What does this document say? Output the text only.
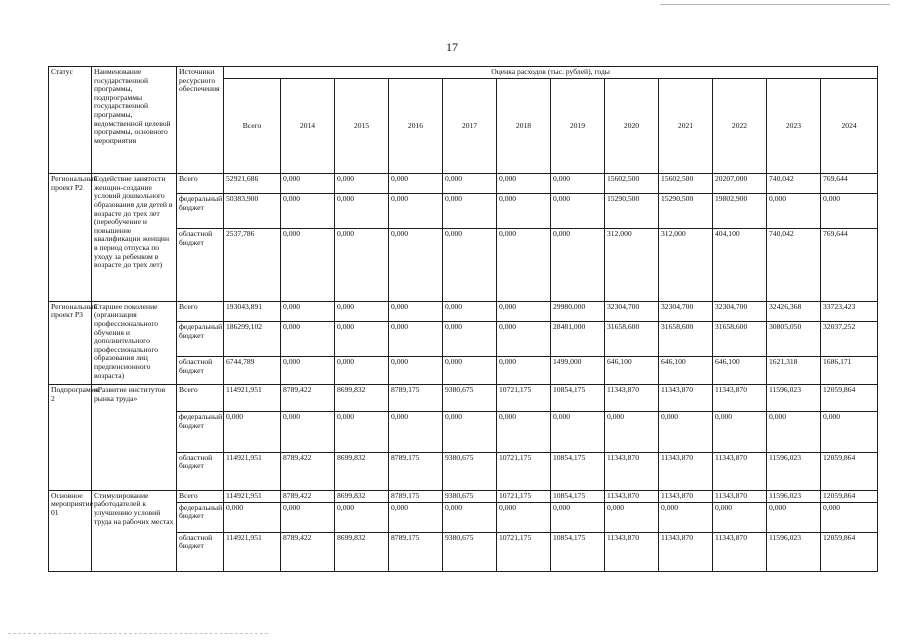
17
Статус	Наименование государственной программы, подпрограммы государственной программы, ведомственной целевой программы, основного мероприятия	Источники ресурсного обеспечения	Оценка расходов (тыс. рублей), годы											
			Всего	2014	2015	2016	2017	2018	2019	2020	2021	2022	2023	2024
Региональный проект Р2	Содействие занятости женщин-создание условий дошкольного образования для детей в возрасте до трех лет (переобучение и повышение квалификации женщин в период отпуска по уходу за ребенком в возрасте до трех лет)	Всего	52921,686	0,000	0,000	0,000	0,000	0,000	0,000	15602,500	15602,500	20207,000	740,042	769,644
		федеральный бюджет	50383,900	0,000	0,000	0,000	0,000	0,000	0,000	15290,500	15290,500	19802,900	0,000	0,000
		областной бюджет	2537,786	0,000	0,000	0,000	0,000	0,000	0,000	312,000	312,000	404,100	740,042	769,644
Региональный проект Р3	Старшее поколение (организация профессионального обучения и дополнительного профессионального образования лиц предпенсионного возраста)	Всего	193043,891	0,000	0,000	0,000	0,000	0,000	29980,000	32304,700	32304,700	32304,700	32426,368	33723,423
		федеральный бюджет	186299,102	0,000	0,000	0,000	0,000	0,000	28481,000	31658,600	31658,600	31658,600	30805,050	32037,252
		областной бюджет	6744,789	0,000	0,000	0,000	0,000	0,000	1499,000	646,100	646,100	646,100	1621,318	1686,171
Подпрограмма 2	«Развитие институтов рынка труда»	Всего	114921,951	8789,422	8699,832	8789,175	9380,675	10721,175	10854,175	11343,870	11343,870	11343,870	11596,023	12059,864
		федеральный бюджет	0,000	0,000	0,000	0,000	0,000	0,000	0,000	0,000	0,000	0,000	0,000	0,000
		областной бюджет	114921,951	8789,422	8699,832	8789,175	9380,675	10721,175	10854,175	11343,870	11343,870	11343,870	11596,023	12059,864
Основное мероприятие 01	Стимулирование работодателей к улучшению условий труда на рабочих местах	Всего	114921,951	8789,422	8699,832	8789,175	9380,675	10721,175	10854,175	11343,870	11343,870	11343,870	11596,023	12059,864
		федеральный бюджет	0,000	0,000	0,000	0,000	0,000	0,000	0,000	0,000	0,000	0,000	0,000	0,000
		областной бюджет	114921,951	8789,422	8699,832	8789,175	9380,675	10721,175	10854,175	11343,870	11343,870	11343,870	11596,023	12059,864
